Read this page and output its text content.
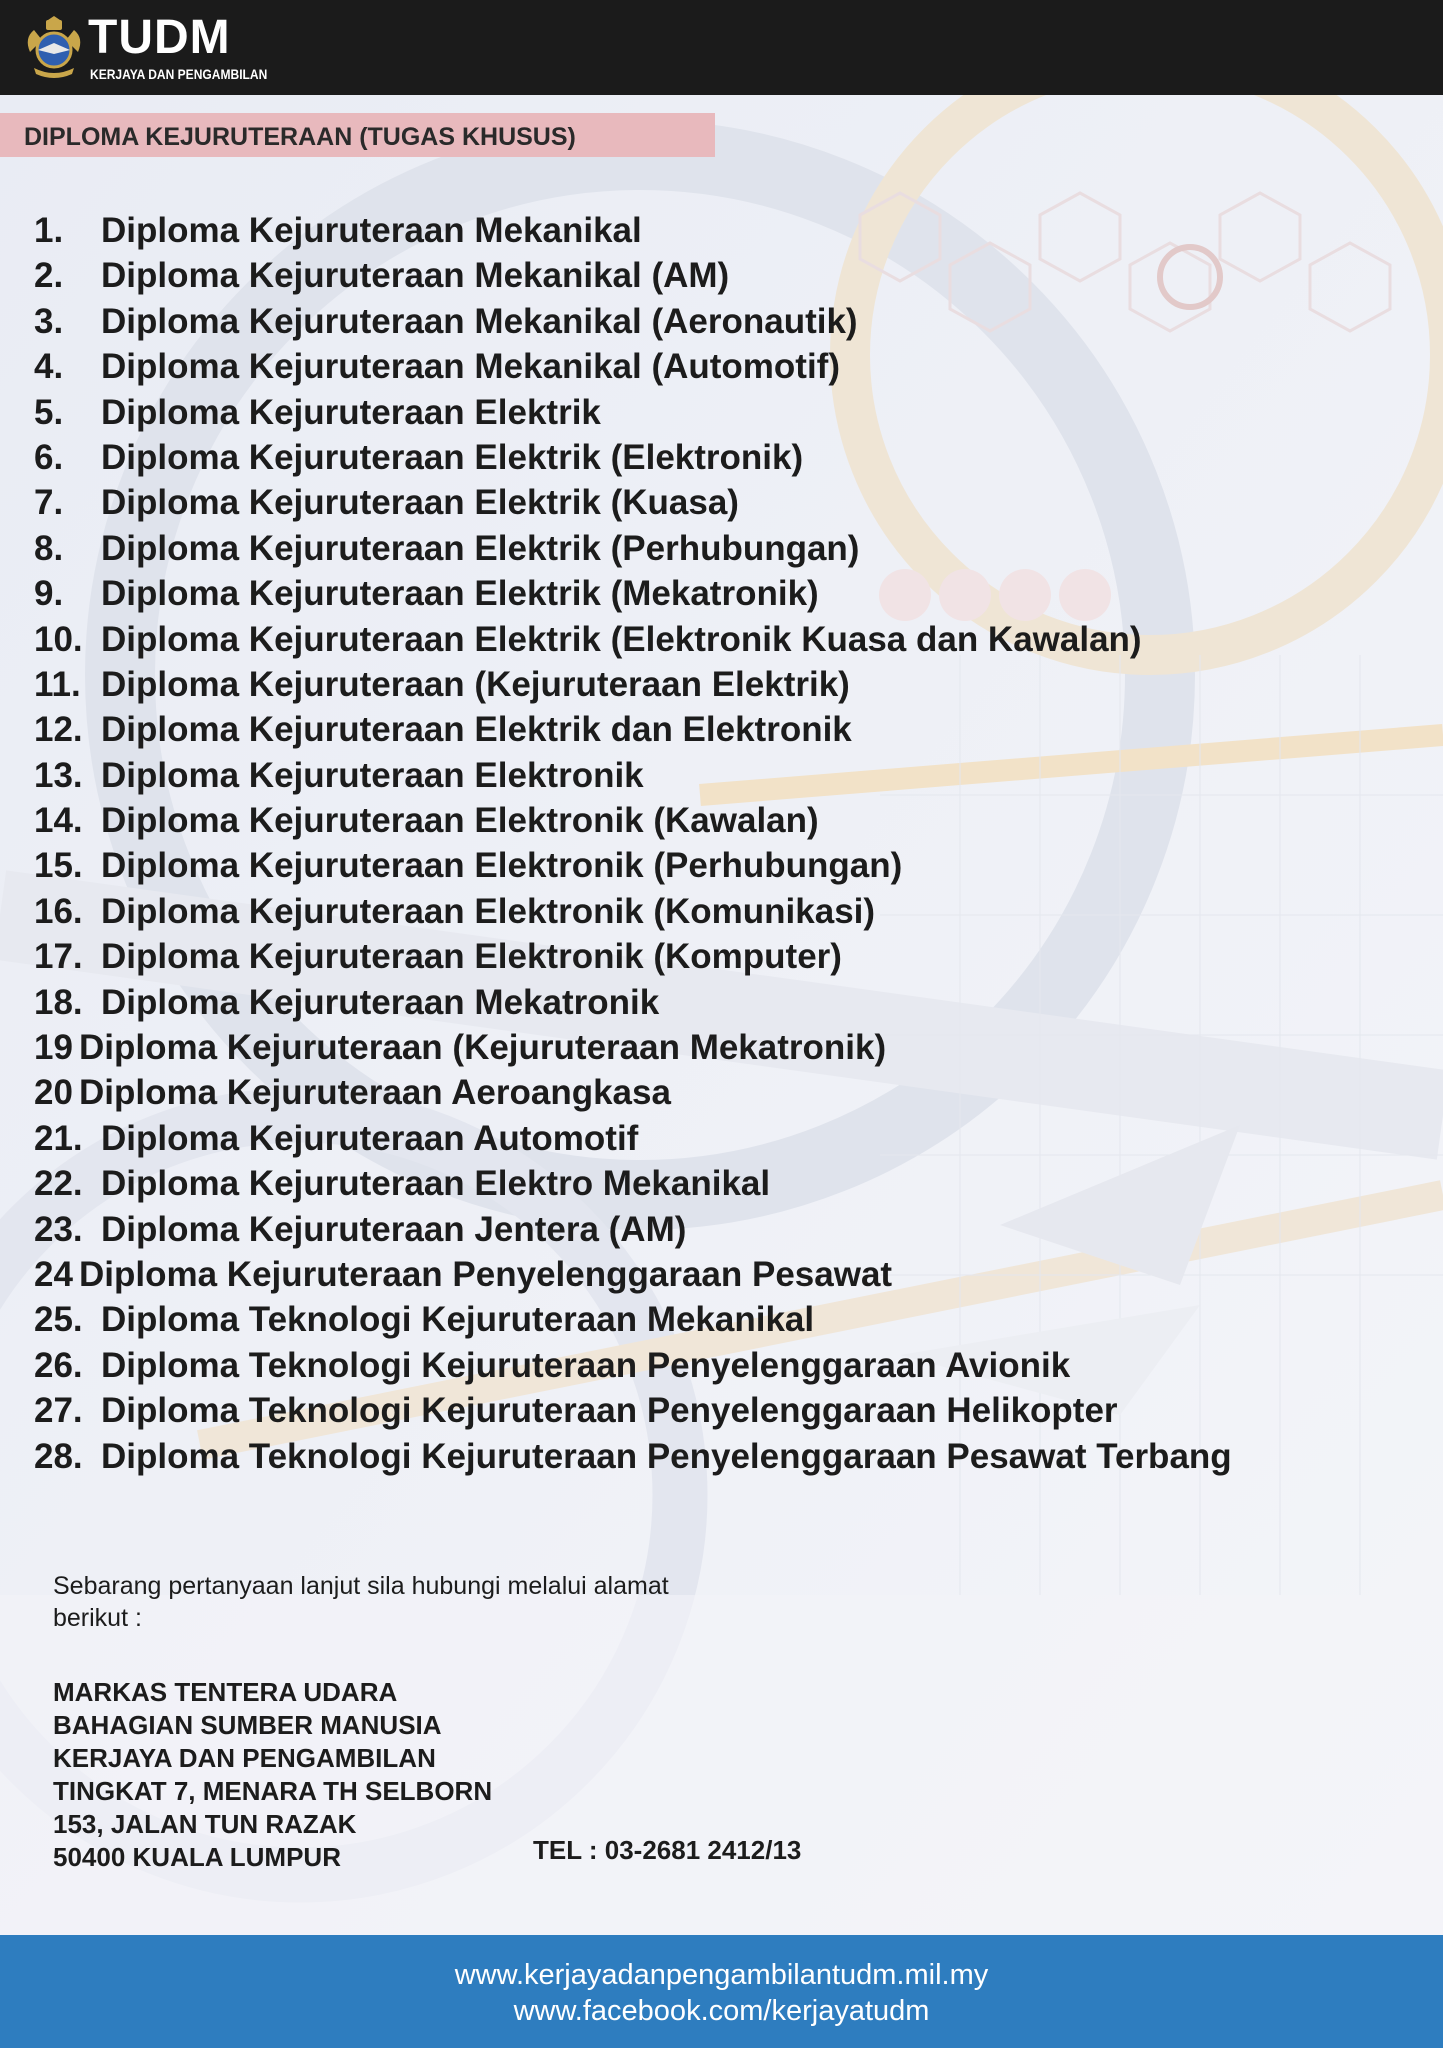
TUDM
KERJAYA DAN PENGAMBILAN
DIPLOMA KEJURUTERAAN (TUGAS KHUSUS)
1. Diploma Kejuruteraan Mekanikal
2. Diploma Kejuruteraan Mekanikal (AM)
3. Diploma Kejuruteraan Mekanikal (Aeronautik)
4. Diploma Kejuruteraan Mekanikal (Automotif)
5. Diploma Kejuruteraan Elektrik
6. Diploma Kejuruteraan Elektrik (Elektronik)
7. Diploma Kejuruteraan Elektrik (Kuasa)
8. Diploma Kejuruteraan Elektrik (Perhubungan)
9. Diploma Kejuruteraan Elektrik (Mekatronik)
10. Diploma Kejuruteraan Elektrik (Elektronik Kuasa dan Kawalan)
11. Diploma Kejuruteraan (Kejuruteraan Elektrik)
12. Diploma Kejuruteraan Elektrik dan Elektronik
13. Diploma Kejuruteraan Elektronik
14. Diploma Kejuruteraan Elektronik (Kawalan)
15. Diploma Kejuruteraan Elektronik (Perhubungan)
16. Diploma Kejuruteraan Elektronik (Komunikasi)
17. Diploma Kejuruteraan Elektronik (Komputer)
18. Diploma Kejuruteraan Mekatronik
19 Diploma Kejuruteraan (Kejuruteraan Mekatronik)
20 Diploma Kejuruteraan Aeroangkasa
21. Diploma Kejuruteraan Automotif
22. Diploma Kejuruteraan Elektro Mekanikal
23. Diploma Kejuruteraan Jentera (AM)
24 Diploma Kejuruteraan Penyelenggaraan Pesawat
25. Diploma Teknologi Kejuruteraan Mekanikal
26. Diploma Teknologi Kejuruteraan Penyelenggaraan Avionik
27. Diploma Teknologi Kejuruteraan Penyelenggaraan Helikopter
28. Diploma Teknologi Kejuruteraan Penyelenggaraan Pesawat Terbang
Sebarang pertanyaan lanjut sila hubungi melalui alamat berikut :
MARKAS TENTERA UDARA
BAHAGIAN SUMBER MANUSIA
KERJAYA DAN PENGAMBILAN
TINGKAT 7, MENARA TH SELBORN
153, JALAN TUN RAZAK
50400 KUALA LUMPUR	TEL : 03-2681 2412/13
www.kerjayadanpengambilantudm.mil.my
www.facebook.com/kerjayatudm
